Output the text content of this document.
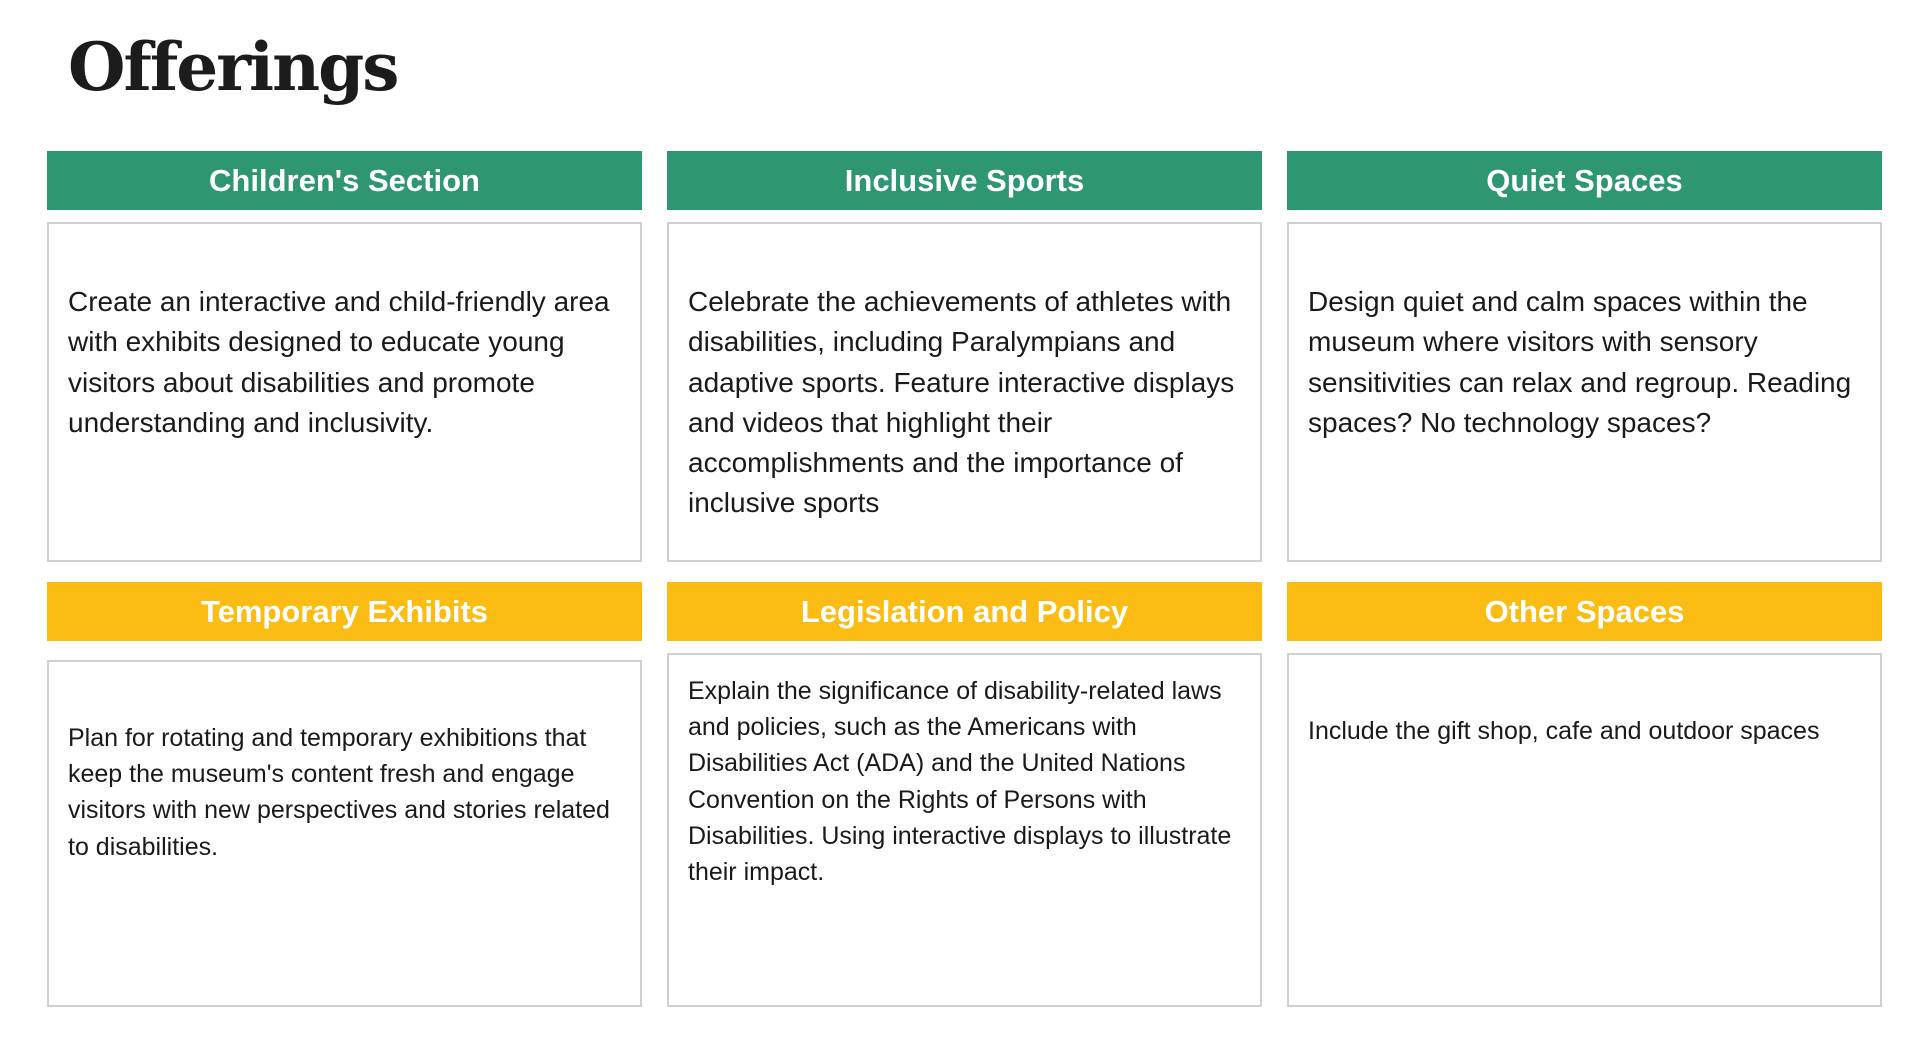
Offerings
Children's Section

Create an interactive and child-friendly area with exhibits designed to educate young visitors about disabilities and promote understanding and inclusivity.

Inclusive Sports

Celebrate the achievements of athletes with disabilities, including Paralympians and adaptive sports. Feature interactive displays and videos that highlight their accomplishments and the importance of inclusive sports

Quiet Spaces

Design quiet and calm spaces within the museum where visitors with sensory sensitivities can relax and regroup. Reading spaces? No technology spaces?

Temporary Exhibits

Plan for rotating and temporary exhibitions that keep the museum's content fresh and engage visitors with new perspectives and stories related to disabilities.

Legislation and Policy

Explain the significance of disability-related laws and policies, such as the Americans with Disabilities Act (ADA) and the United Nations Convention on the Rights of Persons with Disabilities. Using interactive displays to illustrate their impact.

Other Spaces

Include the gift shop, cafe and outdoor spaces
